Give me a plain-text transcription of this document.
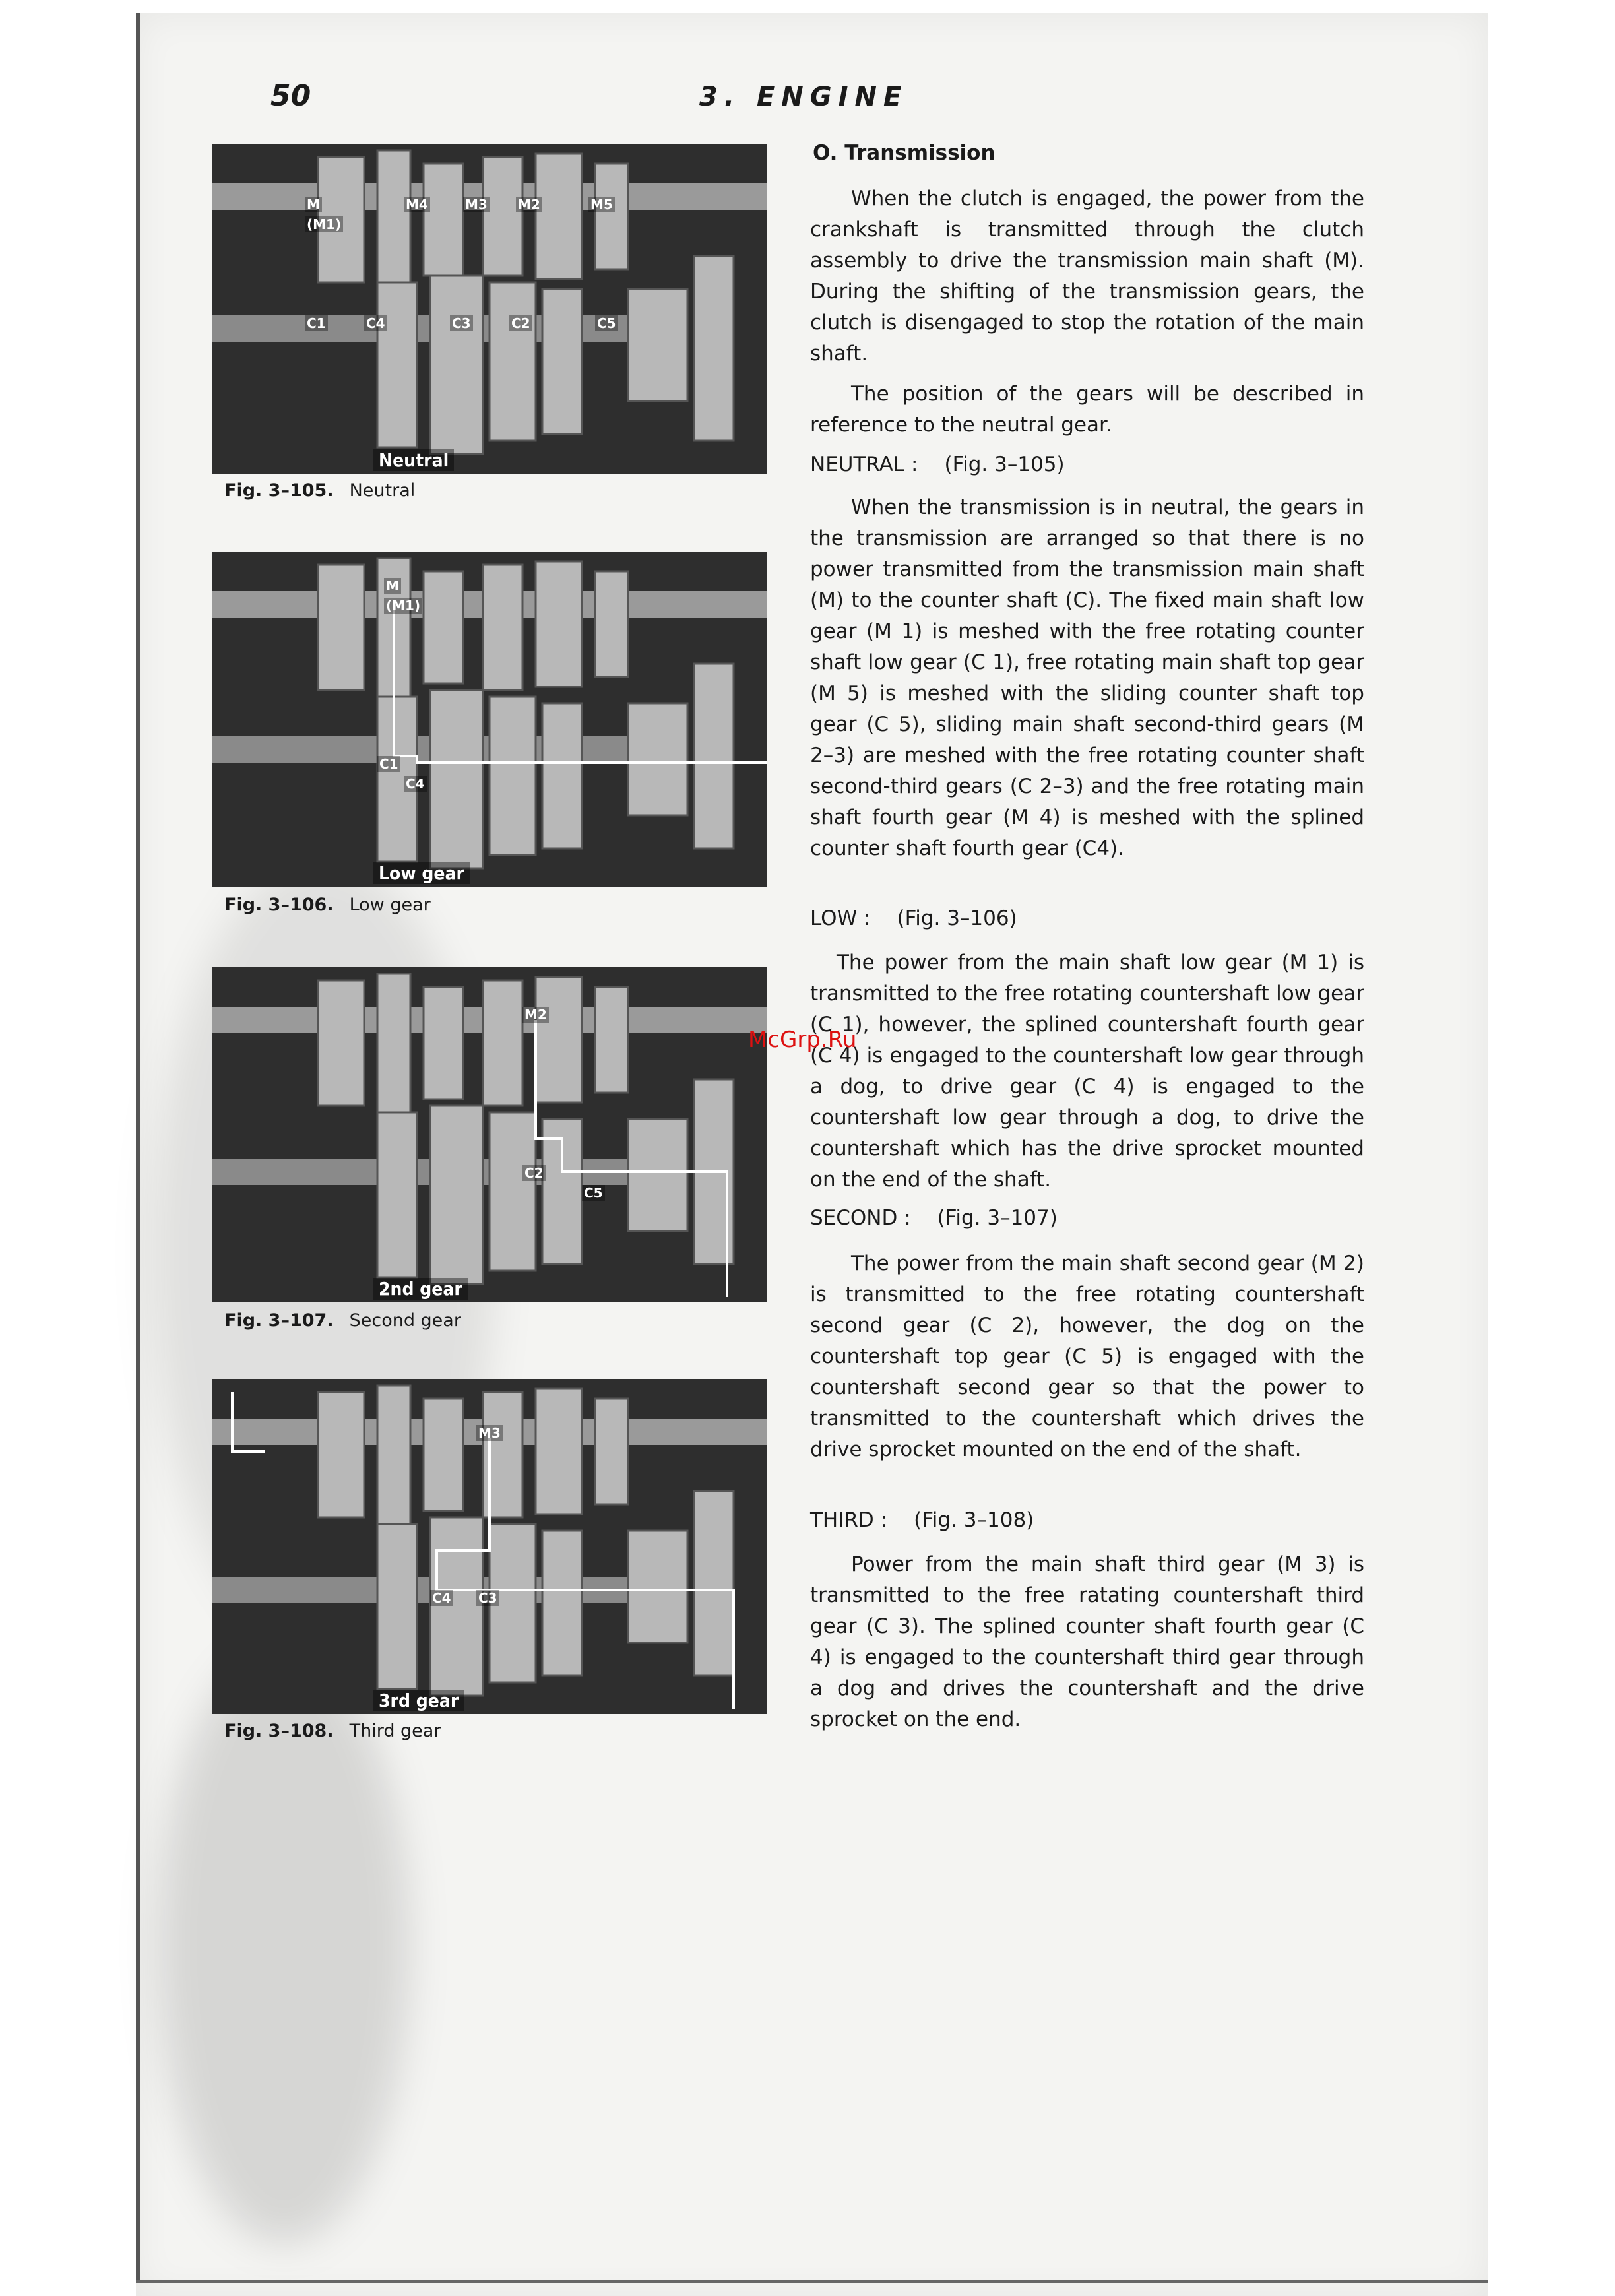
50	3. ENGINE
Neutral
M
(M1)
M4	M3 M2	M5
C1	C4	C3	C2	C5
Fig. 3–105. Neutral
Low gear
M
(M1)
C1
C4
Fig. 3–106. Low gear
2nd gear
M2
C2
C5
Fig. 3–107. Second gear
3rd gear
M3
C4 C3
Fig. 3–108. Third gear
O. Transmission

When the clutch is engaged, the power from the crankshaft is transmitted through the clutch assembly to drive the transmission main shaft (M). During the shifting of the transmission gears, the clutch is disengaged to stop the rotation of the main shaft.

The position of the gears will be described in reference to the neutral gear.

NEUTRAL : (Fig. 3–105)

When the transmission is in neutral, the gears in the transmission are arranged so that there is no power transmitted from the transmission main shaft (M) to the counter shaft (C). The fixed main shaft low gear (M 1) is meshed with the free rotating counter shaft low gear (C 1), free rotating main shaft top gear (M 5) is meshed with the sliding counter shaft top gear (C 5), sliding main shaft second-third gears (M 2–3) are meshed with the free rotating counter shaft second-third gears (C 2–3) and the free rotating main shaft fourth gear (M 4) is meshed with the splined counter shaft fourth gear (C4).

LOW : (Fig. 3–106)

The power from the main shaft low gear (M 1) is transmitted to the free rotating countershaft low gear (C 1), however, the splined countershaft fourth gear (C 4) is engaged to the countershaft low gear through a dog, to drive gear (C 4) is engaged to the countershaft low gear through a dog, to drive the countershaft which has the drive sprocket mounted on the end of the shaft.

SECOND : (Fig. 3–107)

The power from the main shaft second gear (M 2) is transmitted to the free rotating countershaft second gear (C 2), however, the dog on the countershaft top gear (C 5) is engaged with the countershaft second gear so that the power to transmitted to the countershaft which drives the drive sprocket mounted on the end of the shaft.

THIRD : (Fig. 3–108)

Power from the main shaft third gear (M 3) is transmitted to the free ratating countershaft third gear (C 3). The splined counter shaft fourth gear (C 4) is engaged to the countershaft third gear through a dog and drives the countershaft and the drive sprocket on the end.

McGrp.Ru
